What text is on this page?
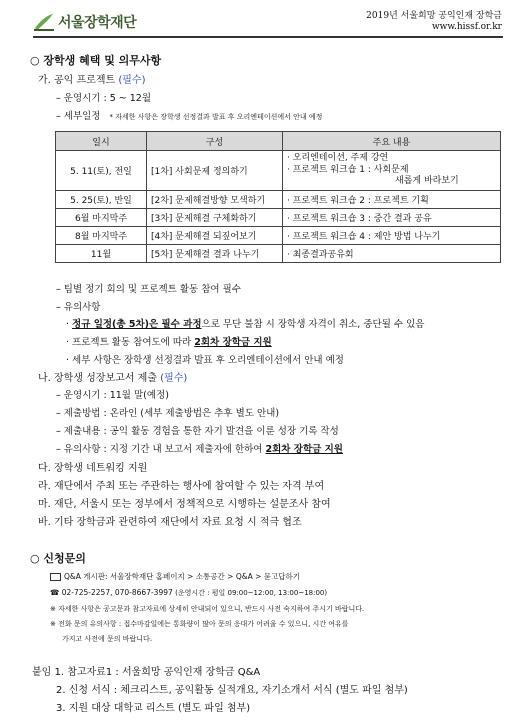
서울장학재단	2019년 서울희망 공익인재 장학금
www.hissf.or.kr
○ 장학생 혜택 및 의무사항
가. 공익 프로젝트 (필수)
– 운영시기 : 5 ~ 12월
– 세부일정 * 자세한 사항은 장학생 선정결과 발표 후 오리엔테이션에서 안내 예정
일시	구성	주요 내용
5. 11(토), 전일	[1차] 사회문제 정의하기	· 오리엔테이션, 주제 강연
· 프로젝트 워크숍 1 : 사회문제
새롭게 바라보기

5. 25(토), 반일	[2차] 문제해결방향 모색하기	· 프로젝트 워크숍 2 : 프로젝트 기획
6월 마지막주	[3차] 문제해결 구체화하기	· 프로젝트 워크숍 3 : 중간 결과 공유
8월 마지막주	[4차] 문제해결 되짚어보기	· 프로젝트 워크숍 4 : 제안 방법 나누기
11월	[5차] 문제해결 결과 나누기	· 최종결과공유회
– 팀별 정기 회의 및 프로젝트 활동 참여 필수
– 유의사항
· 정규 일정(총 5차)은 필수 과정으로 무단 불참 시 장학생 자격이 취소, 중단될 수 있음
· 프로젝트 활동 참여도에 따라 2회차 장학금 지원
· 세부 사항은 장학생 선정결과 발표 후 오리엔테이션에서 안내 예정
나. 장학생 성장보고서 제출 (필수)
– 운영시기 : 11월 말(예정)
– 제출방법 : 온라인 (세부 제출방법은 추후 별도 안내)
– 제출내용 : 공익 활동 경험을 통한 자기 발견을 이룬 성장 기록 작성
– 유의사항 : 지정 기간 내 보고서 제출자에 한하여 2회차 장학금 지원
다. 장학생 네트워킹 지원
라. 재단에서 주최 또는 주관하는 행사에 참여할 수 있는 자격 부여
마. 재단, 서울시 또는 정부에서 정책적으로 시행하는 설문조사 참여
바. 기타 장학금과 관련하여 재단에서 자료 요청 시 적극 협조
○ 신청문의
Q&A 게시판: 서울장학재단 홈페이지 > 소통공간 > Q&A > 묻고답하기
☎ 02-725-2257, 070-8667-3997 (운영시간 : 평일 09:00~12:00, 13:00~18:00)
※ 자세한 사항은 공고문과 참고자료에 상세히 안내되어 있으니, 반드시 사전 숙지하여 주시기 바랍니다.
※ 전화 문의 유의사항 : 접수마감일에는 통화량이 많아 문의 응대가 어려울 수 있으니, 시간 여유를
가지고 사전에 문의 바랍니다.
붙임 1. 참고자료1 : 서울희망 공익인재 장학금 Q&A
2. 신청 서식 : 체크리스트, 공익활동 실적개요, 자기소개서 서식 (별도 파일 첨부)
3. 지원 대상 대학교 리스트 (별도 파일 첨부)
